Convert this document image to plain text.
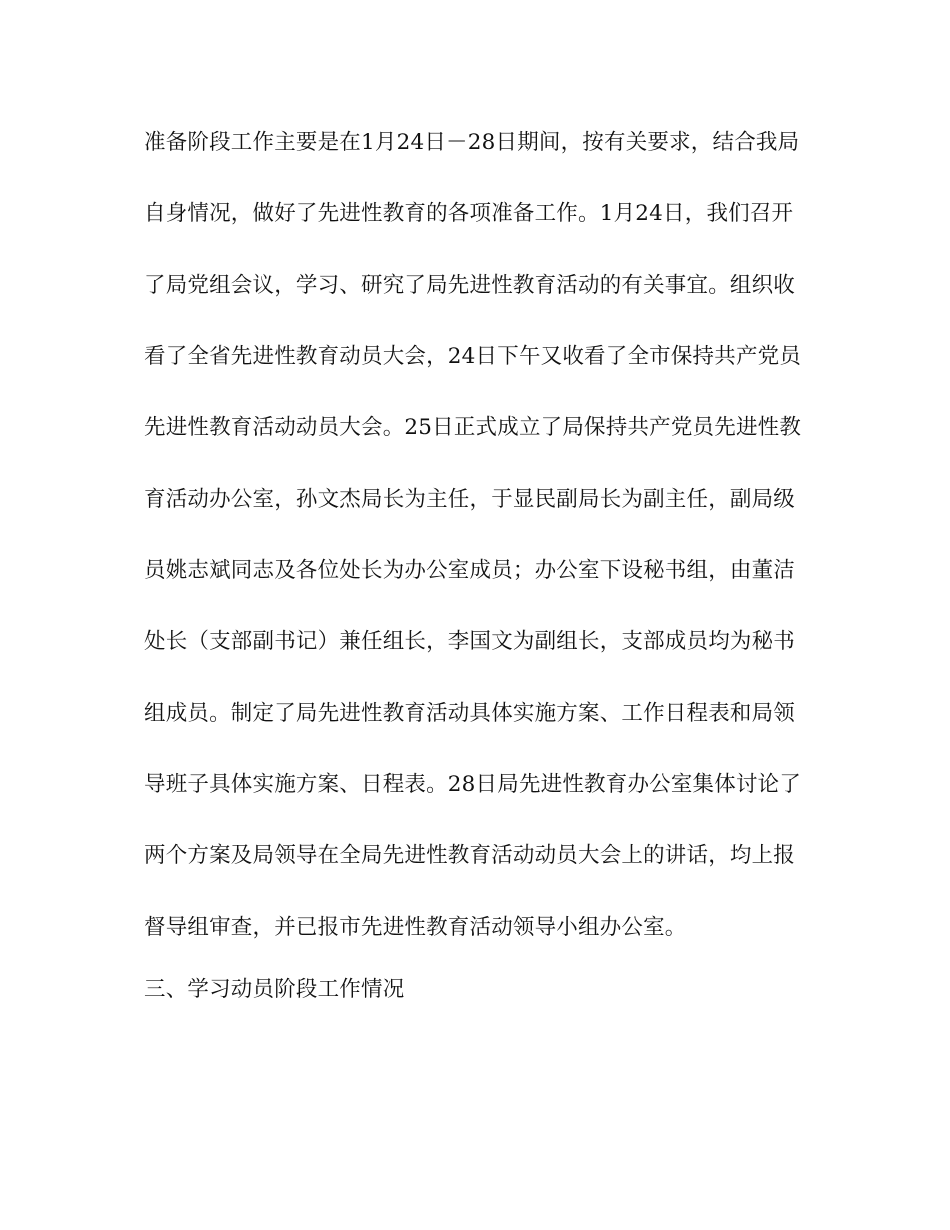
准备阶段工作主要是在1月24日－28日期间，按有关要求，结合我局
自身情况，做好了先进性教育的各项准备工作。1月24日，我们召开
了局党组会议，学习、研究了局先进性教育活动的有关事宜。组织收
看了全省先进性教育动员大会，24日下午又收看了全市保持共产党员
先进性教育活动动员大会。25日正式成立了局保持共产党员先进性教
育活动办公室，孙文杰局长为主任，于显民副局长为副主任，副局级
员姚志斌同志及各位处长为办公室成员；办公室下设秘书组，由董洁
处长（支部副书记）兼任组长，李国文为副组长，支部成员均为秘书
组成员。制定了局先进性教育活动具体实施方案、工作日程表和局领
导班子具体实施方案、日程表。28日局先进性教育办公室集体讨论了
两个方案及局领导在全局先进性教育活动动员大会上的讲话，均上报
督导组审查，并已报市先进性教育活动领导小组办公室。
三、学习动员阶段工作情况
